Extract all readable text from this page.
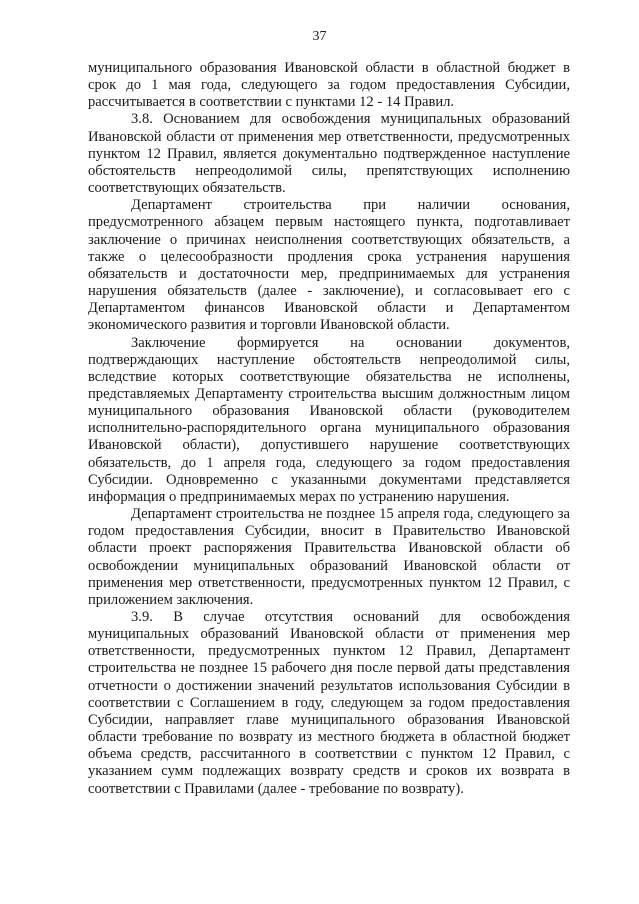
37

муниципального образования Ивановской области в областной бюджет в срок до 1 мая года, следующего за годом предоставления Субсидии, рассчитывается в соответствии с пунктами 12 - 14 Правил.

3.8. Основанием для освобождения муниципальных образований Ивановской области от применения мер ответственности, предусмотренных пунктом 12 Правил, является документально подтвержденное наступление обстоятельств непреодолимой силы, препятствующих исполнению соответствующих обязательств.

Департамент строительства при наличии основания, предусмотренного абзацем первым настоящего пункта, подготавливает заключение о причинах неисполнения соответствующих обязательств, а также о целесообразности продления срока устранения нарушения обязательств и достаточности мер, предпринимаемых для устранения нарушения обязательств (далее - заключение), и согласовывает его с Департаментом финансов Ивановской области и Департаментом экономического развития и торговли Ивановской области.

Заключение формируется на основании документов, подтверждающих наступление обстоятельств непреодолимой силы, вследствие которых соответствующие обязательства не исполнены, представляемых Департаменту строительства высшим должностным лицом муниципального образования Ивановской области (руководителем исполнительно-распорядительного органа муниципального образования Ивановской области), допустившего нарушение соответствующих обязательств, до 1 апреля года, следующего за годом предоставления Субсидии. Одновременно с указанными документами представляется информация о предпринимаемых мерах по устранению нарушения.

Департамент строительства не позднее 15 апреля года, следующего за годом предоставления Субсидии, вносит в Правительство Ивановской области проект распоряжения Правительства Ивановской области об освобождении муниципальных образований Ивановской области от применения мер ответственности, предусмотренных пунктом 12 Правил, с приложением заключения.

3.9. В случае отсутствия оснований для освобождения муниципальных образований Ивановской области от применения мер ответственности, предусмотренных пунктом 12 Правил, Департамент строительства не позднее 15 рабочего дня после первой даты представления отчетности о достижении значений результатов использования Субсидии в соответствии с Соглашением в году, следующем за годом предоставления Субсидии, направляет главе муниципального образования Ивановской области требование по возврату из местного бюджета в областной бюджет объема средств, рассчитанного в соответствии с пунктом 12 Правил, с указанием сумм подлежащих возврату средств и сроков их возврата в соответствии с Правилами (далее - требование по возврату).
